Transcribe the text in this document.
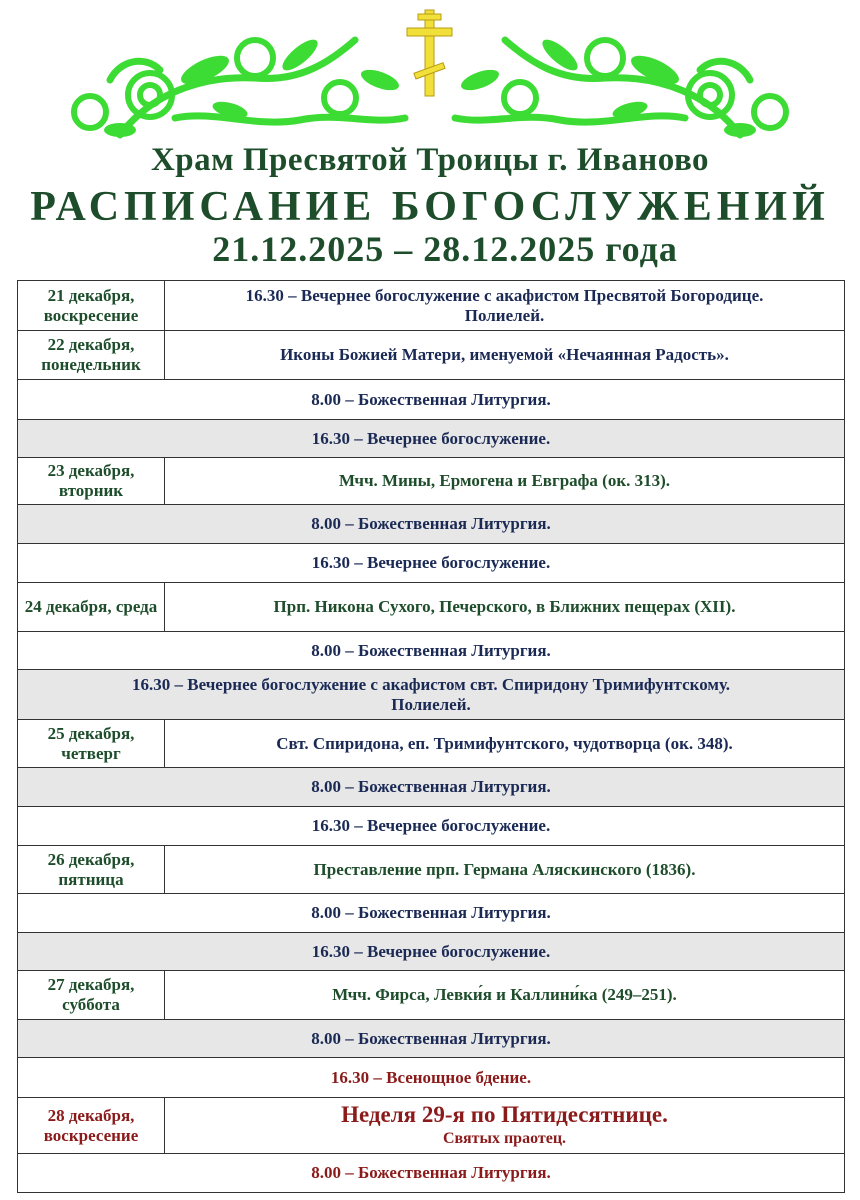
Храм Пресвятой Троицы г. Иваново
РАСПИСАНИЕ БОГОСЛУЖЕНИЙ
21.12.2025 – 28.12.2025 года
21 декабря, воскресение	16.30 – Вечернее богослужение с акафистом Пресвятой Богородице.
Полиелей.
22 декабря, понедельник	Иконы Божией Матери, именуемой «Нечаянная Радость».
8.00 – Божественная Литургия.	
16.30 – Вечернее богослужение.	
23 декабря, вторник	Мчч. Мины, Ермогена и Евграфа (ок. 313).
8.00 – Божественная Литургия.	
16.30 – Вечернее богослужение.	
24 декабря, среда	Прп. Никона Сухого, Печерского, в Ближних пещерах (XII).
8.00 – Божественная Литургия.	
16.30 – Вечернее богослужение с акафистом свт. Спиридону Тримифунтскому.
Полиелей.	
25 декабря, четверг	Свт. Спиридона, еп. Тримифунтского, чудотворца (ок. 348).
8.00 – Божественная Литургия.	
16.30 – Вечернее богослужение.	
26 декабря, пятница	Преставление прп. Германа Аляскинского (1836).
8.00 – Божественная Литургия.	
16.30 – Вечернее богослужение.	
27 декабря, суббота	Мчч. Фирса, Левки́я и Каллини́ка (249–251).
8.00 – Божественная Литургия.	
16.30 – Всенощное бдение.	
28 декабря, воскресение	Неделя 29-я по Пятидесятнице.
Святых праотец.
8.00 – Божественная Литургия.	
